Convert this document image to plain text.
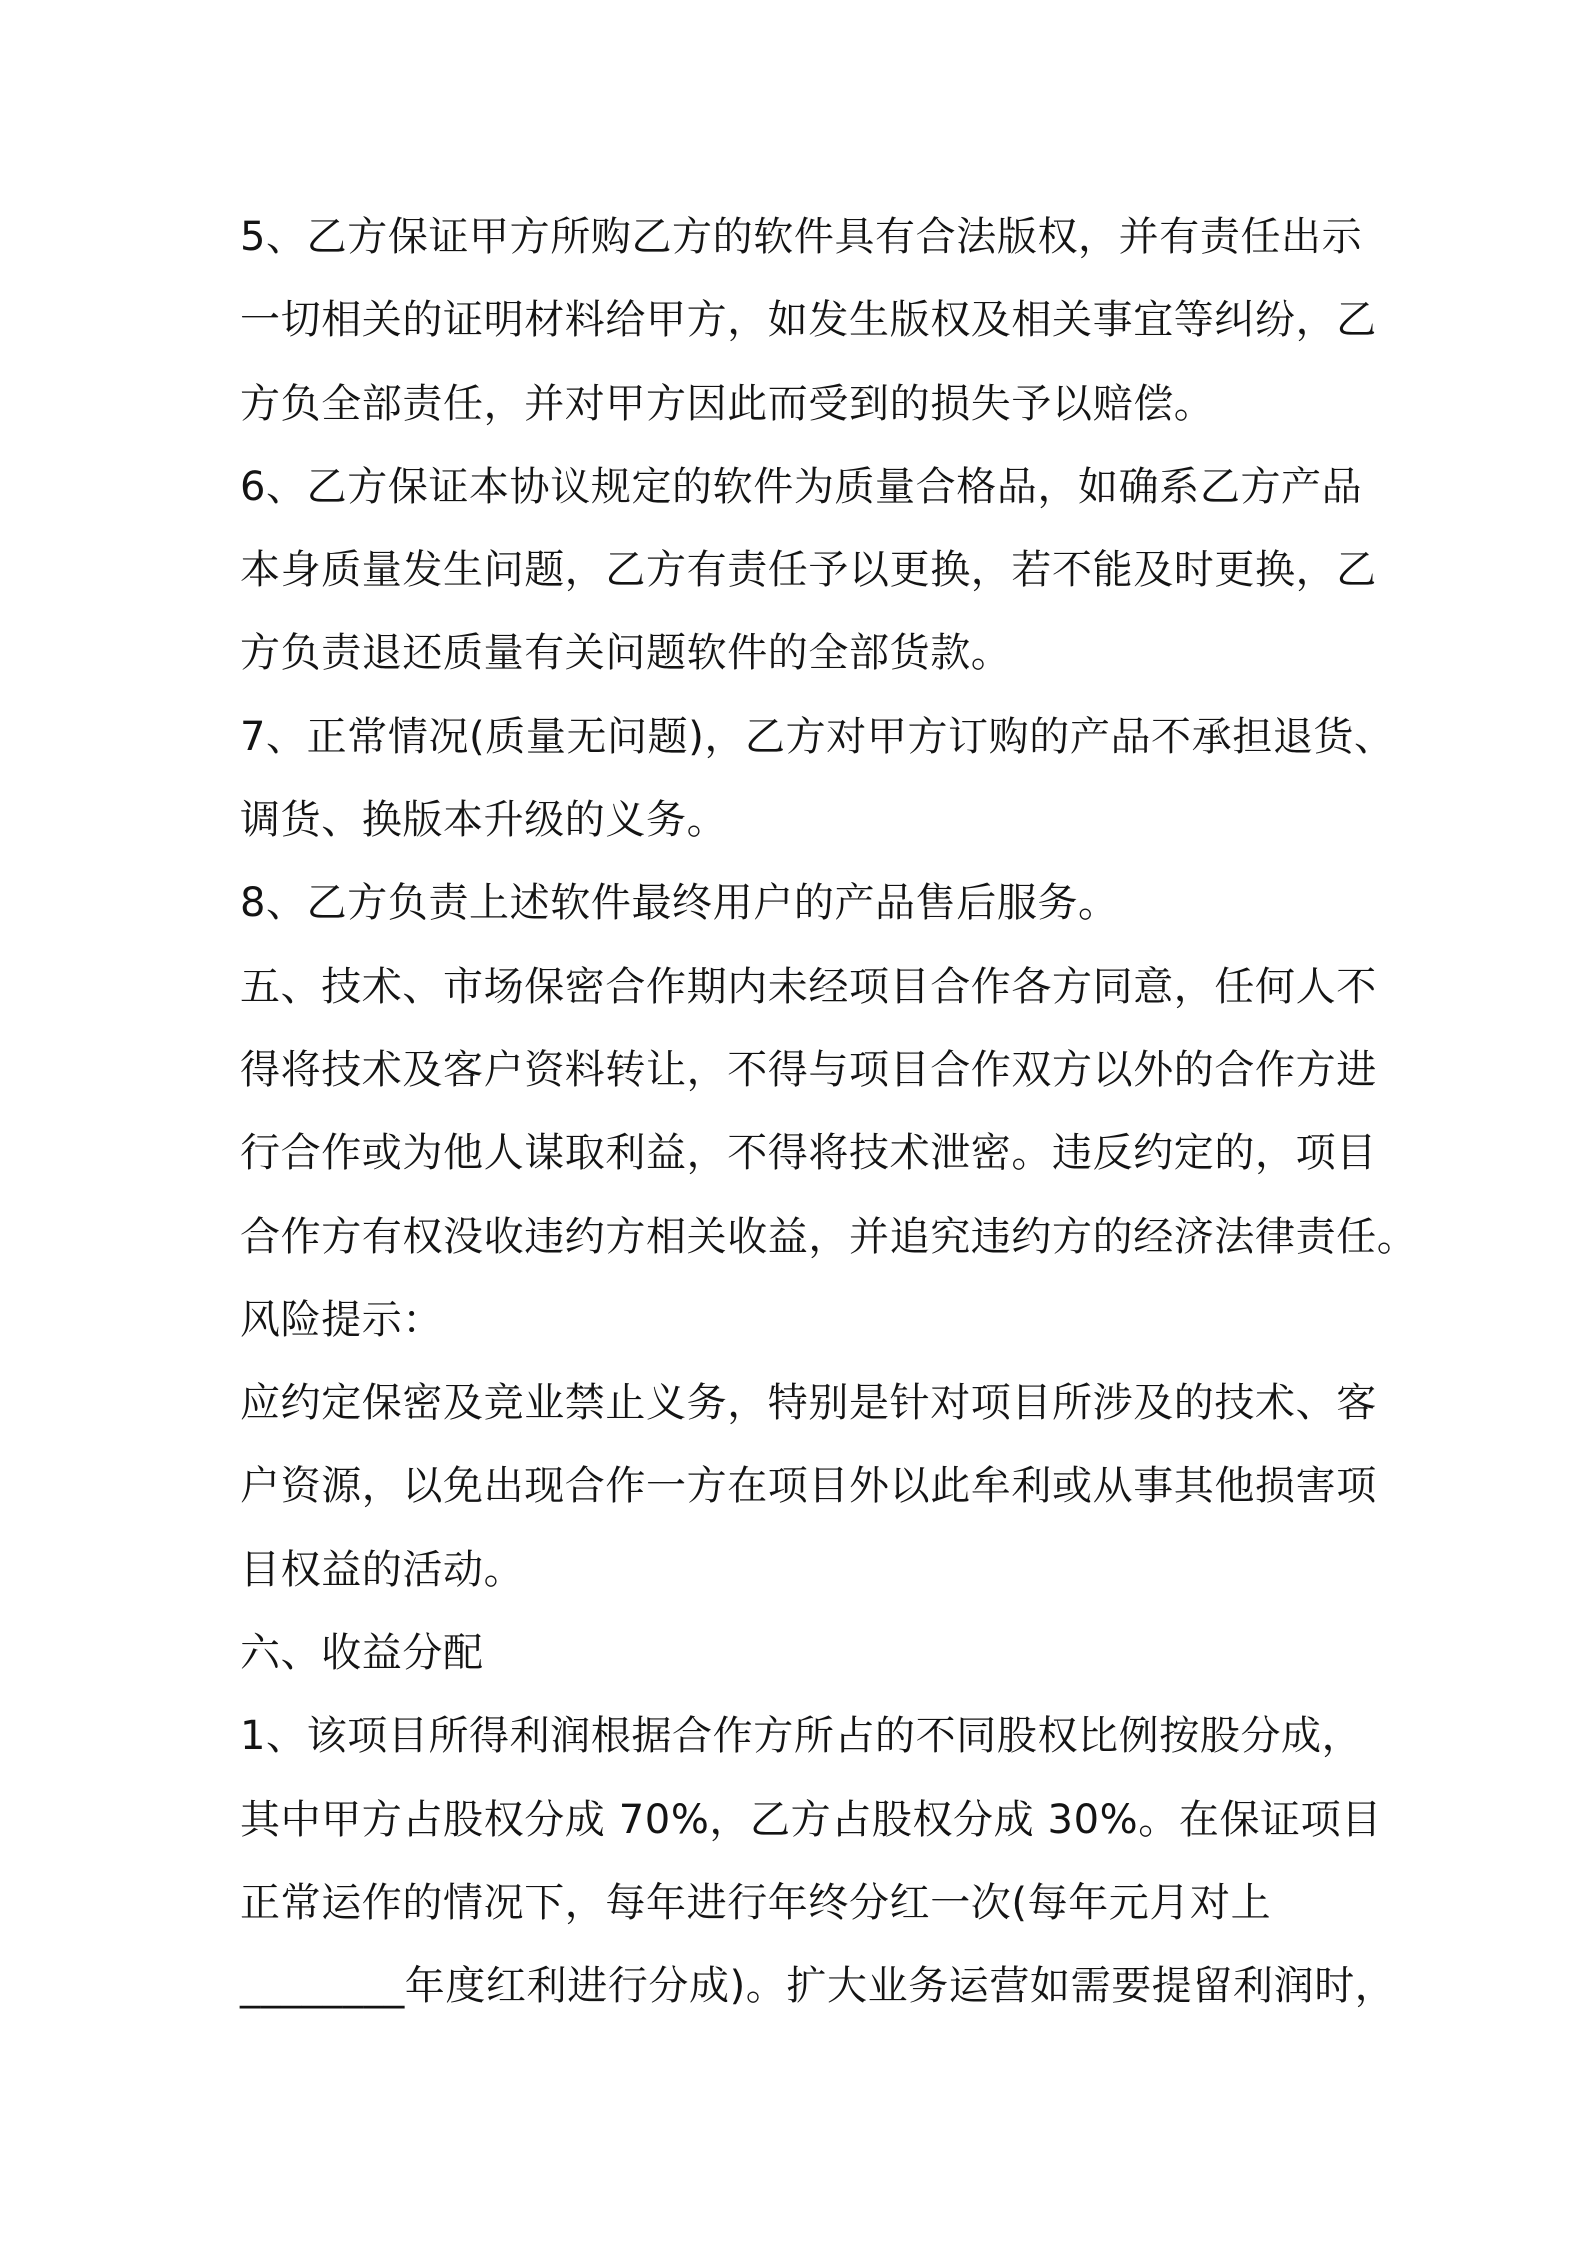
5、乙方保证甲方所购乙方的软件具有合法版权，并有责任出示
一切相关的证明材料给甲方，如发生版权及相关事宜等纠纷，乙
方负全部责任，并对甲方因此而受到的损失予以赔偿。
6、乙方保证本协议规定的软件为质量合格品，如确系乙方产品
本身质量发生问题，乙方有责任予以更换，若不能及时更换，乙
方负责退还质量有关问题软件的全部货款。
7、正常情况(质量无问题)，乙方对甲方订购的产品不承担退货、
调货、换版本升级的义务。
8、乙方负责上述软件最终用户的产品售后服务。
五、技术、市场保密合作期内未经项目合作各方同意，任何人不
得将技术及客户资料转让，不得与项目合作双方以外的合作方进
行合作或为他人谋取利益，不得将技术泄密。违反约定的，项目
合作方有权没收违约方相关收益，并追究违约方的经济法律责任。
风险提示：
应约定保密及竞业禁止义务，特别是针对项目所涉及的技术、客
户资源，以免出现合作一方在项目外以此牟利或从事其他损害项
目权益的活动。
六、收益分配
1、该项目所得利润根据合作方所占的不同股权比例按股分成，
其中甲方占股权分成 70%，乙方占股权分成 30%。在保证项目
正常运作的情况下，每年进行年终分红一次(每年元月对上
________年度红利进行分成)。扩大业务运营如需要提留利润时，
